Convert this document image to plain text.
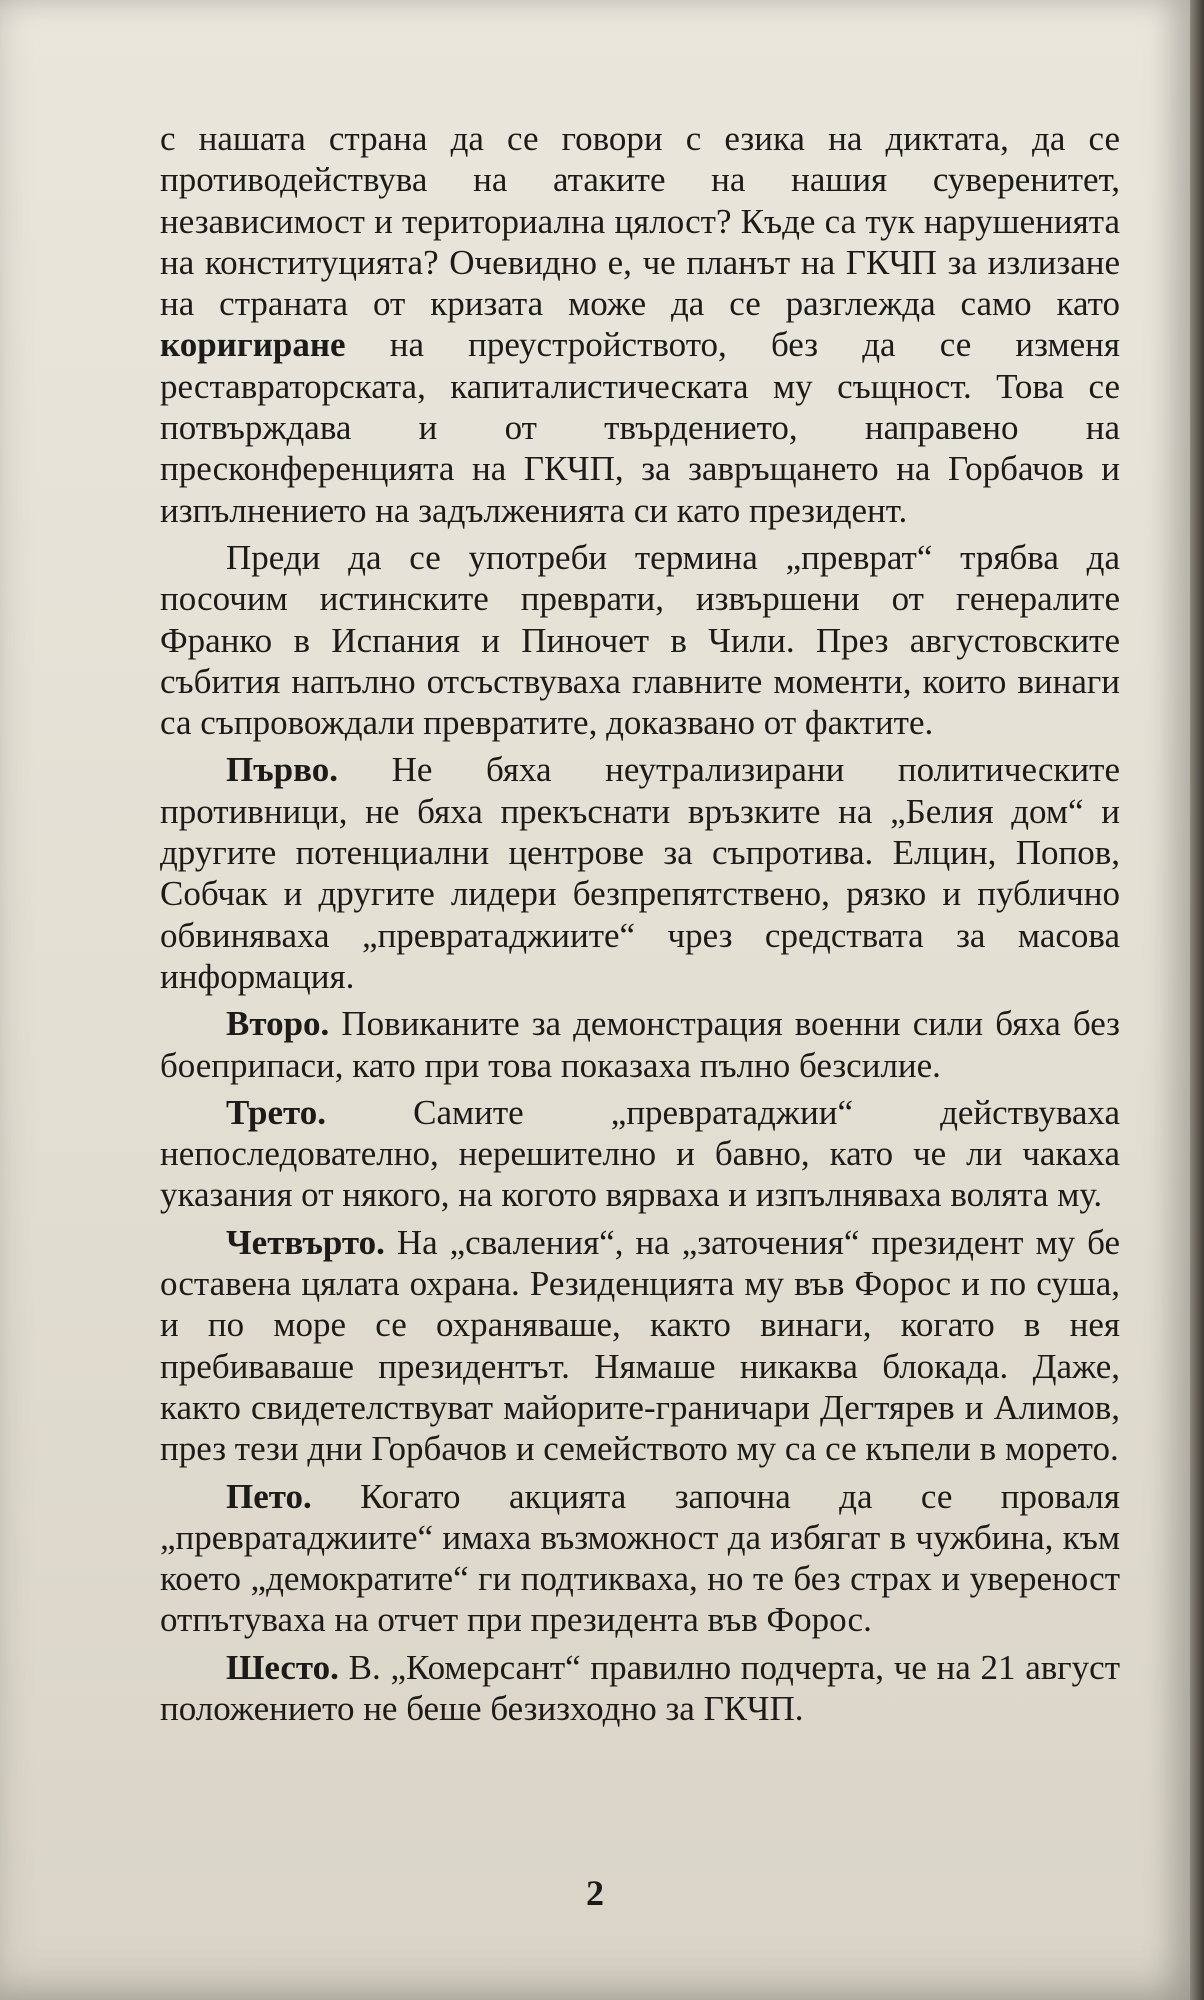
с нашата страна да се говори с езика на диктата, да се противодействува на атаките на нашия суверенитет, независимост и териториална цялост? Къде са тук нарушенията на конституцията? Очевидно е, че планът на ГКЧП за излизане на страната от кризата може да се разглежда само като коригиране на преустройството, без да се изменя реставраторската, капиталистическата му същност. Това се потвърждава и от твърдението, направено на пресконференцията на ГКЧП, за завръщането на Горбачов и изпълнението на задълженията си като президент.

Преди да се употреби термина „преврат“ трябва да посочим истинските преврати, извършени от генералите Франко в Испания и Пиночет в Чили. През августовските събития напълно отсъствуваха главните моменти, които винаги са съпровождали превратите, доказвано от фактите.

Първо. Не бяха неутрализирани политическите противници, не бяха прекъснати връзките на „Белия дом“ и другите потенциални центрове за съпротива. Елцин, Попов, Собчак и другите лидери безпрепятствено, рязко и публично обвиняваха „превратаджиите“ чрез средствата за масова информация.

Второ. Повиканите за демонстрация военни сили бяха без боеприпаси, като при това показаха пълно безсилие.

Трето. Самите „превратаджии“ действуваха непоследователно, нерешително и бавно, като че ли чакаха указания от някого, на когото вярваха и изпълняваха волята му.

Четвърто. На „сваления“, на „заточения“ президент му бе оставена цялата охрана. Резиденцията му във Форос и по суша, и по море се охраняваше, както винаги, когато в нея пребиваваше президентът. Нямаше никаква блокада. Даже, както свидетелствуват майорите-граничари Дегтярев и Алимов, през тези дни Горбачов и семейството му са се къпели в морето.

Пето. Когато акцията започна да се проваля „превратаджиите“ имаха възможност да избягат в чужбина, към което „демократите“ ги подтикваха, но те без страх и увереност отпътуваха на отчет при президента във Форос.

Шесто. В. „Комерсант“ правилно подчерта, че на 21 август положението не беше безизходно за ГКЧП.

2
